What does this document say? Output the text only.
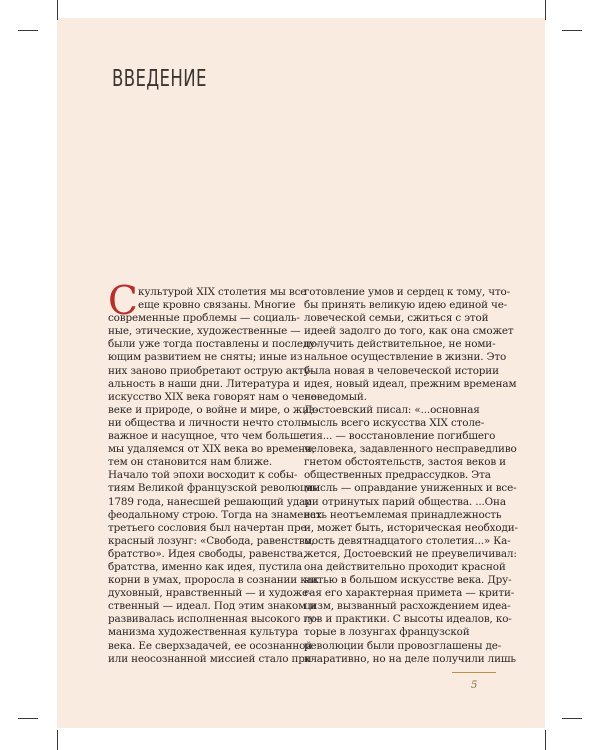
ВВЕДЕНИЕ
С культурой XIX столетия мы все
еще кровно связаны. Многие
современные проблемы — социаль-
ные, этические, художественные —
были уже тогда поставлены и последу-
ющим развитием не сняты; иные из
них заново приобретают острую акту-
альность в наши дни. Литература и
искусство XIX века говорят нам о чело-
веке и природе, о войне и мире, о жиз-
ни общества и личности нечто столь
важное и насущное, что чем больше
мы удаляемся от XIX века во времени,
тем он становится нам ближе.
Начало той эпохи восходит к собы-
тиям Великой французской революции
1789 года, нанесшей решающий удар
феодальному строю. Тогда на знаменах
третьего сословия был начертан пре-
красный лозунг: «Свобода, равенство,
братство». Идея свободы, равенства,
братства, именно как идея, пустила
корни в умах, проросла в сознании как
духовный, нравственный — и художе-
ственный — идеал. Под этим знаком и
развивалась исполненная высокого гу-
манизма художественная культура
века. Ее сверхзадачей, ее осознанной
или неосознанной миссией стало при-
готовление умов и сердец к тому, что-
бы принять великую идею единой че-
ловеческой семьи, сжиться с этой
идеей задолго до того, как она сможет
получить действительное, не номи-
нальное осуществление в жизни. Это
была новая в человеческой истории
идея, новый идеал, прежним временам
неведомый.
Достоевский писал: «...основная
мысль всего искусства XIX столе-
тия... — восстановление погибшего
человека, задавленного несправедливо
гнетом обстоятельств, застоя веков и
общественных предрассудков. Эта
мысль — оправдание униженных и все-
ми отринутых парий общества. ...Она
есть неотъемлемая принадлежность
и, может быть, историческая необходи-
мость девятнадцатого столетия...» Ка-
жется, Достоевский не преувеличивал:
она действительно проходит красной
нитью в большом искусстве века. Дру-
гая его характерная примета — крити-
цизм, вызванный расхождением идеа-
лов и практики. С высоты идеалов, ко-
торые в лозунгах французской
революции были провозглашены де-
кларативно, но на деле получили лишь
5
